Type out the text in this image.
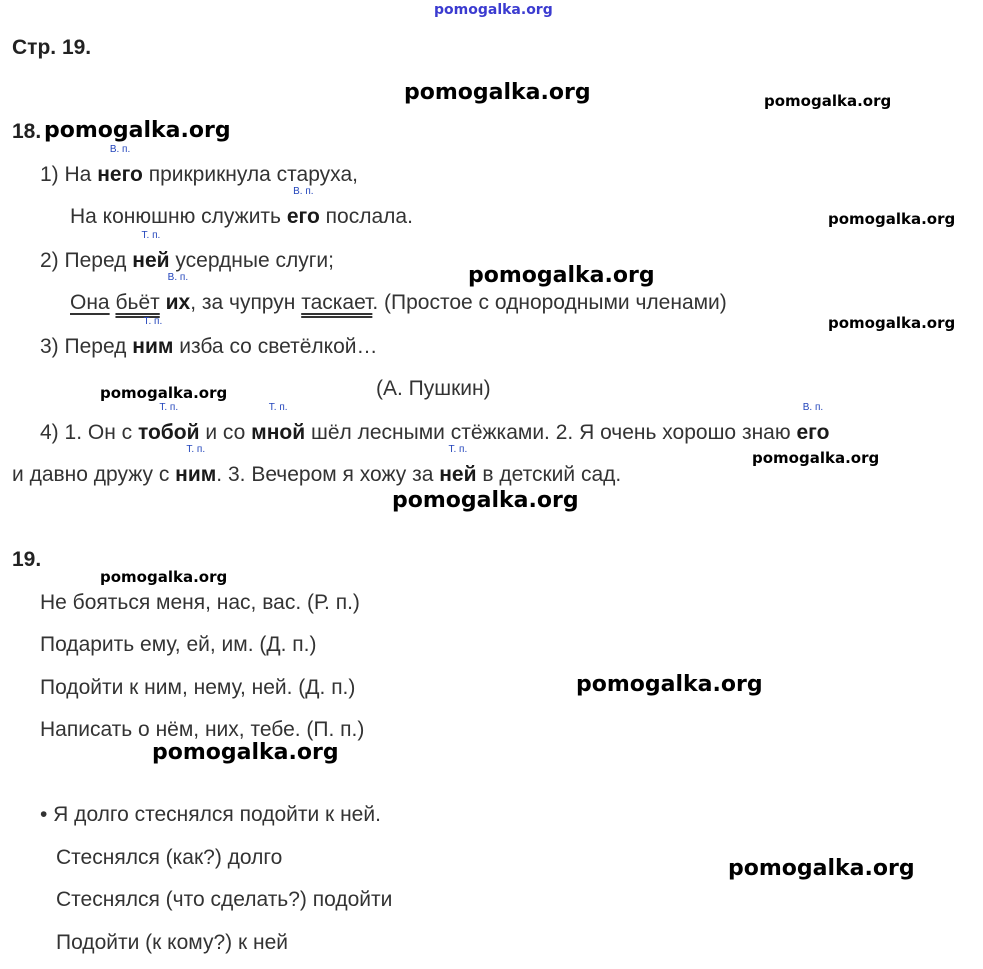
pomogalka.org
Стр. 19.
pomogalka.org	pomogalka.org
pomogalka.org
pomogalka.org
pomogalka.org
pomogalka.org
pomogalka.org
pomogalka.org
pomogalka.org
pomogalka.org
pomogalka.org
pomogalka.org
pomogalka.org
18.
1) На
В. п.
него прикрикнула старуха,
На конюшню служить
В. п.
его послала.
2) Перед
Т. п.
ней усердные слуги;
Она бьёт
В. п.
их, за чупрун таскает. (Простое с однородными членами)
3) Перед
Т. п.
ним изба со светёлкой…
(А. Пушкин)
4) 1. Он с
Т. п.
тобой и со
Т. п.
мной шёл лесными стёжками. 2. Я очень хорошо знаю
В. п.
его
и давно дружу с
Т. п.
ним. 3. Вечером я хожу за
Т. п.
ней в детский сад.
19.
Не бояться меня, нас, вас. (Р. п.)
Подарить ему, ей, им. (Д. п.)
Подойти к ним, нему, ней. (Д. п.)
Написать о нём, них, тебе. (П. п.)
• Я долго стеснялся подойти к ней.
Стеснялся (как?) долго
Стеснялся (что сделать?) подойти
Подойти (к кому?) к ней
